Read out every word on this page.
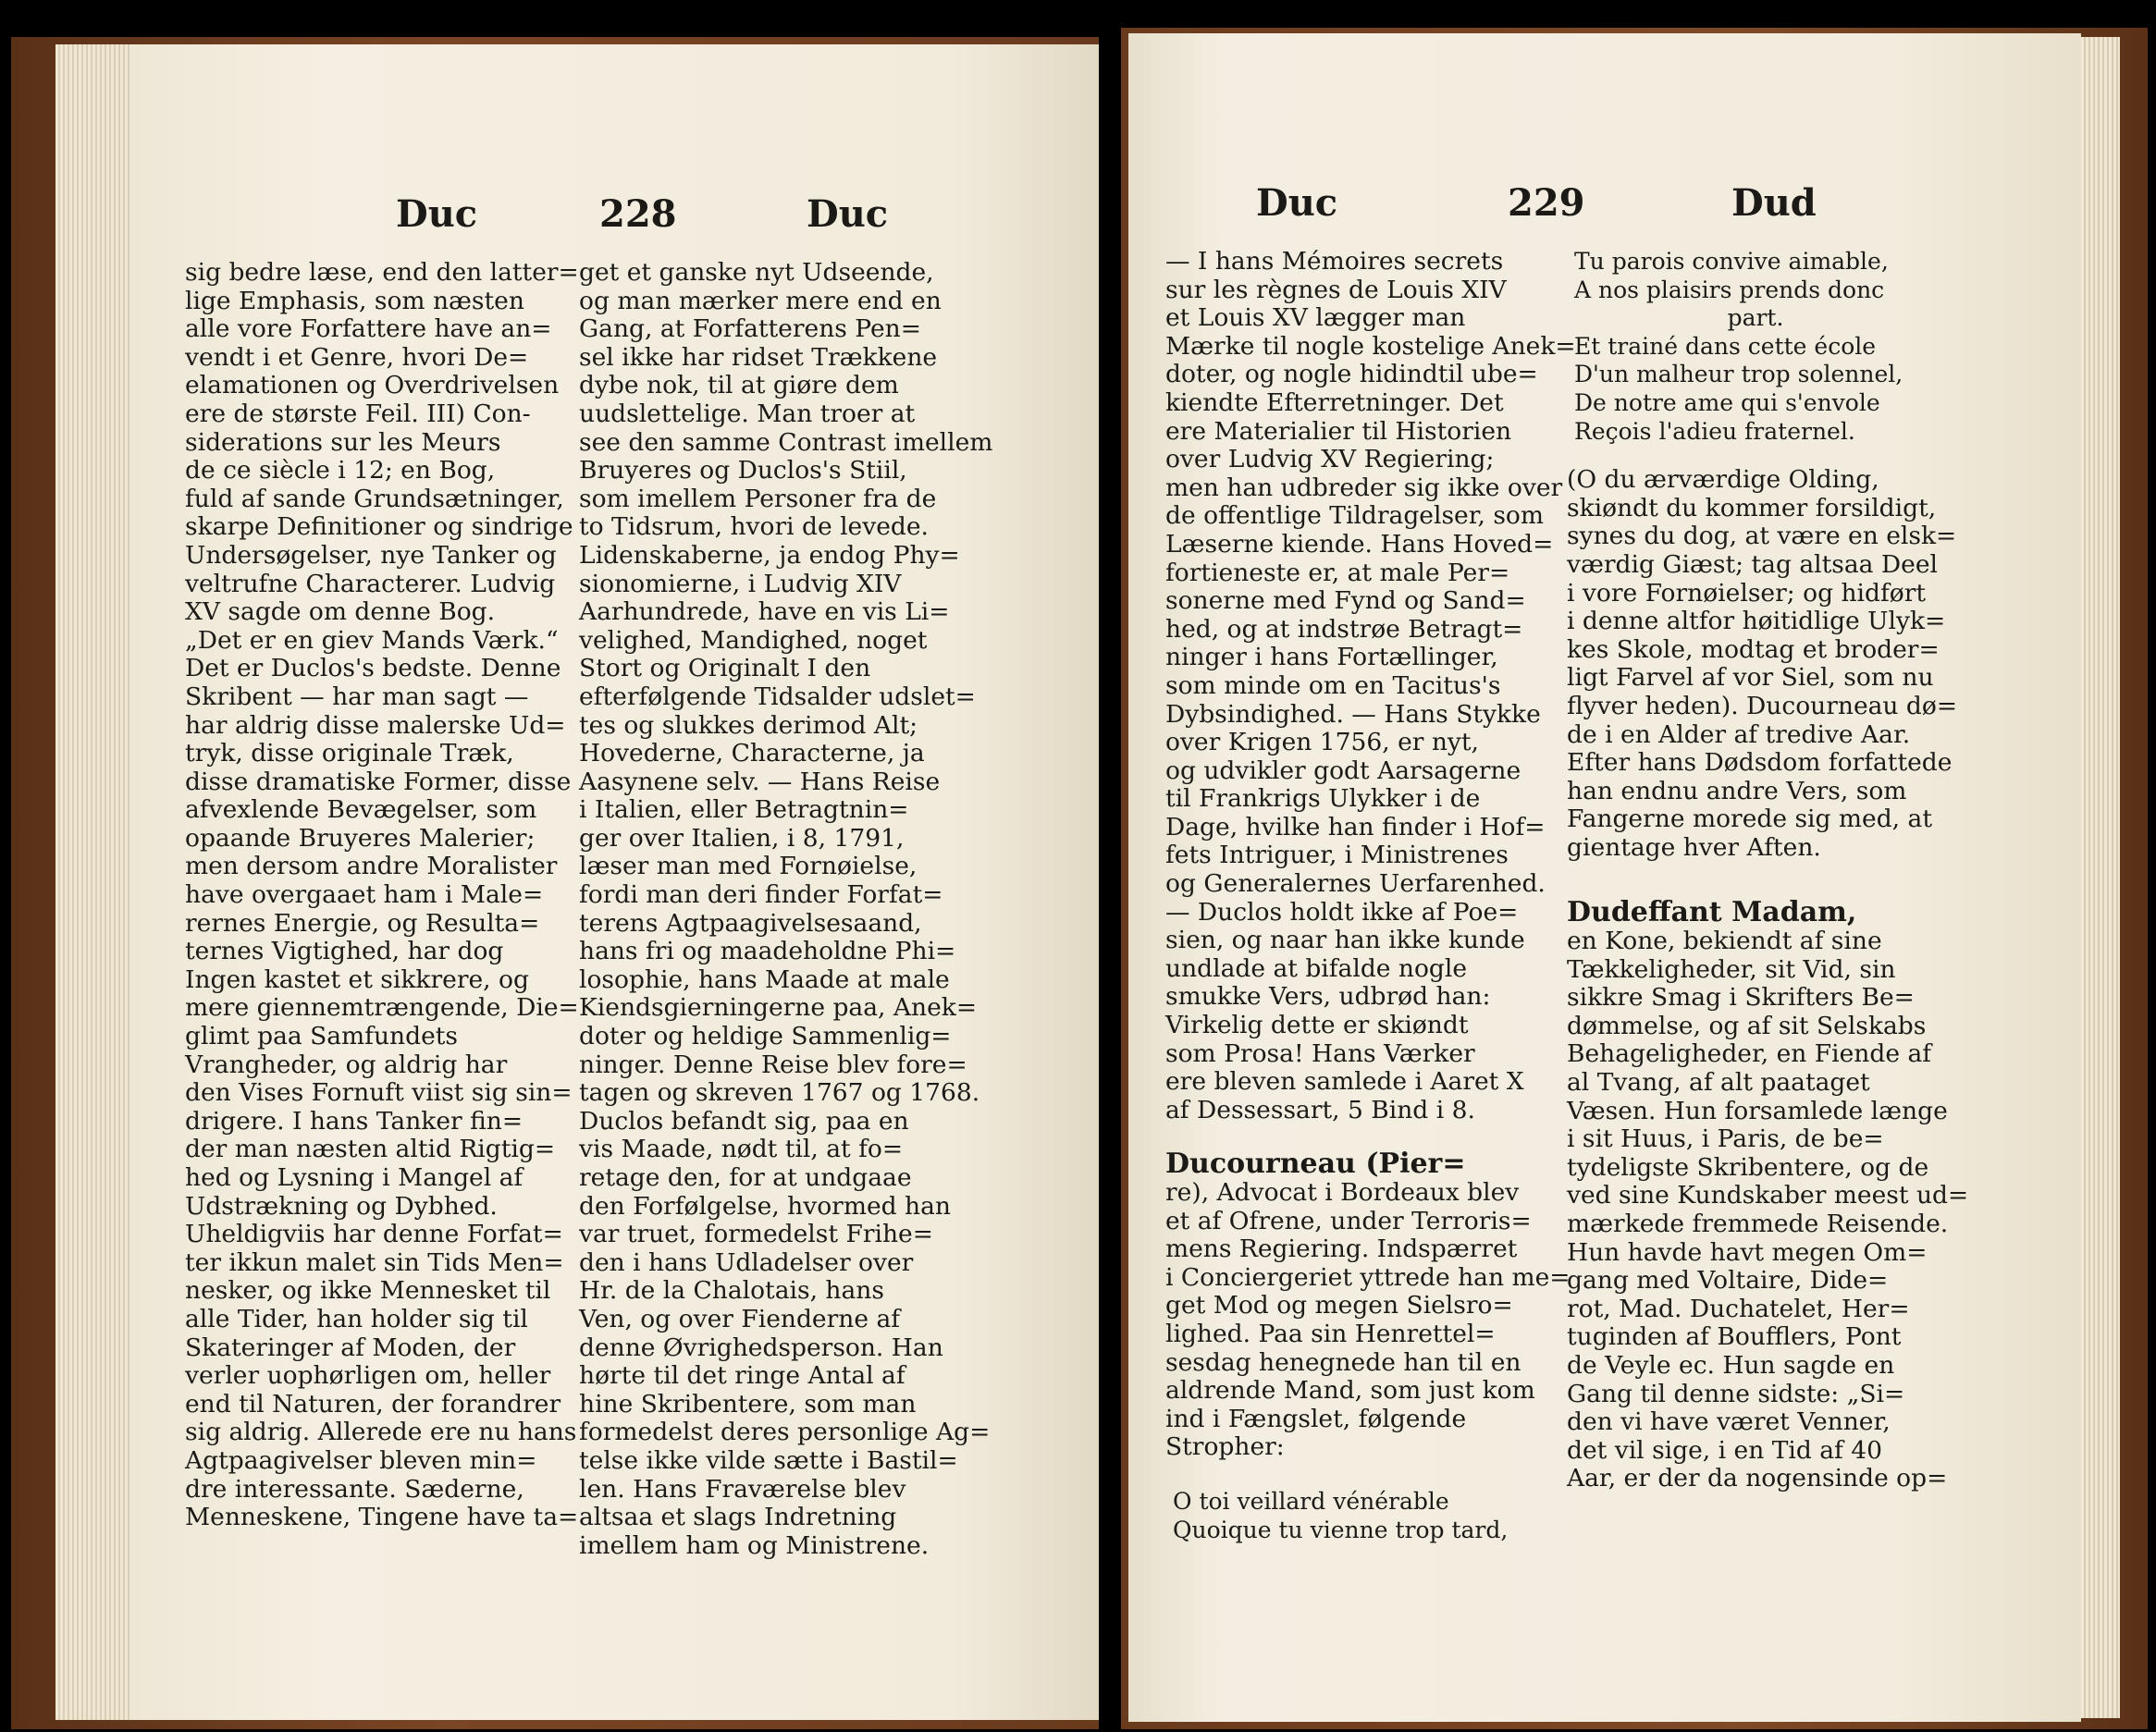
Duc	228	Duc
sig bedre læse, end den latter=
lige Emphasis, som næsten
alle vore Forfattere have an=
vendt i et Genre, hvori De=
elamationen og Overdrivelsen
ere de største Feil. III) Con-
siderations sur les Meurs
de ce siècle i 12; en Bog,
fuld af sande Grundsætninger,
skarpe Definitioner og sindrige
Undersøgelser, nye Tanker og
veltrufne Characterer. Ludvig
XV sagde om denne Bog.
„Det er en giev Mands Værk.“
Det er Duclos's bedste. Denne
Skribent — har man sagt —
har aldrig disse malerske Ud=
tryk, disse originale Træk,
disse dramatiske Former, disse
afvexlende Bevægelser, som
opaande Bruyeres Malerier;
men dersom andre Moralister
have overgaaet ham i Male=
rernes Energie, og Resulta=
ternes Vigtighed, har dog
Ingen kastet et sikkrere, og
mere giennemtrængende, Die=
glimt paa Samfundets
Vrangheder, og aldrig har
den Vises Fornuft viist sig sin=
drigere. I hans Tanker fin=
der man næsten altid Rigtig=
hed og Lysning i Mangel af
Udstrækning og Dybhed.
Uheldigviis har denne Forfat=
ter ikkun malet sin Tids Men=
nesker, og ikke Mennesket til
alle Tider, han holder sig til
Skateringer af Moden, der
verler uophørligen om, heller
end til Naturen, der forandrer
sig aldrig. Allerede ere nu hans
Agtpaagivelser bleven min=
dre interessante. Sæderne,
Menneskene, Tingene have ta=
get et ganske nyt Udseende,
og man mærker mere end en
Gang, at Forfatterens Pen=
sel ikke har ridset Trækkene
dybe nok, til at giøre dem
uudslettelige. Man troer at
see den samme Contrast imellem
Bruyeres og Duclos's Stiil,
som imellem Personer fra de
to Tidsrum, hvori de levede.
Lidenskaberne, ja endog Phy=
sionomierne, i Ludvig XIV
Aarhundrede, have en vis Li=
velighed, Mandighed, noget
Stort og Originalt I den
efterfølgende Tidsalder udslet=
tes og slukkes derimod Alt;
Hovederne, Characterne, ja
Aasynene selv. — Hans Reise
i Italien, eller Betragtnin=
ger over Italien, i 8, 1791,
læser man med Fornøielse,
fordi man deri finder Forfat=
terens Agtpaagivelsesaand,
hans fri og maadeholdne Phi=
losophie, hans Maade at male
Kiendsgierningerne paa, Anek=
doter og heldige Sammenlig=
ninger. Denne Reise blev fore=
tagen og skreven 1767 og 1768.
Duclos befandt sig, paa en
vis Maade, nødt til, at fo=
retage den, for at undgaae
den Forfølgelse, hvormed han
var truet, formedelst Frihe=
den i hans Udladelser over
Hr. de la Chalotais, hans
Ven, og over Fienderne af
denne Øvrighedsperson. Han
hørte til det ringe Antal af
hine Skribentere, som man
formedelst deres personlige Ag=
telse ikke vilde sætte i Bastil=
len. Hans Fraværelse blev
altsaa et slags Indretning
imellem ham og Ministrene.
Duc	229	Dud
— I hans Mémoires secrets
sur les règnes de Louis XIV
et Louis XV lægger man
Mærke til nogle kostelige Anek=
doter, og nogle hidindtil ube=
kiendte Efterretninger. Det
ere Materialier til Historien
over Ludvig XV Regiering;
men han udbreder sig ikke over
de offentlige Tildragelser, som
Læserne kiende. Hans Hoved=
fortieneste er, at male Per=
sonerne med Fynd og Sand=
hed, og at indstrøe Betragt=
ninger i hans Fortællinger,
som minde om en Tacitus's
Dybsindighed. — Hans Stykke
over Krigen 1756, er nyt,
og udvikler godt Aarsagerne
til Frankrigs Ulykker i de
Dage, hvilke han finder i Hof=
fets Intriguer, i Ministrenes
og Generalernes Uerfarenhed.
— Duclos holdt ikke af Poe=
sien, og naar han ikke kunde
undlade at bifalde nogle
smukke Vers, udbrød han:
Virkelig dette er skiøndt
som Prosa! Hans Værker
ere bleven samlede i Aaret X
af Dessessart, 5 Bind i 8.
Ducourneau (Pier=
re), Advocat i Bordeaux blev
et af Ofrene, under Terroris=
mens Regiering. Indspærret
i Conciergeriet yttrede han me=
get Mod og megen Sielsro=
lighed. Paa sin Henrettel=
sesdag henegnede han til en
aldrende Mand, som just kom
ind i Fængslet, følgende
Stropher:
O toi veillard vénérable
Quoique tu vienne trop tard,
Tu parois convive aimable,
A nos plaisirs prends donc
part.
Et trainé dans cette école
D'un malheur trop solennel,
De notre ame qui s'envole
Reçois l'adieu fraternel.
(O du ærværdige Olding,
skiøndt du kommer forsildigt,
synes du dog, at være en elsk=
værdig Giæst; tag altsaa Deel
i vore Fornøielser; og hidført
i denne altfor høitidlige Ulyk=
kes Skole, modtag et broder=
ligt Farvel af vor Siel, som nu
flyver heden). Ducourneau dø=
de i en Alder af tredive Aar.
Efter hans Dødsdom forfattede
han endnu andre Vers, som
Fangerne morede sig med, at
gientage hver Aften.
Dudeffant Madam,
en Kone, bekiendt af sine
Tækkeligheder, sit Vid, sin
sikkre Smag i Skrifters Be=
dømmelse, og af sit Selskabs
Behageligheder, en Fiende af
al Tvang, af alt paataget
Væsen. Hun forsamlede længe
i sit Huus, i Paris, de be=
tydeligste Skribentere, og de
ved sine Kundskaber meest ud=
mærkede fremmede Reisende.
Hun havde havt megen Om=
gang med Voltaire, Dide=
rot, Mad. Duchatelet, Her=
tuginden af Boufflers, Pont
de Veyle ec. Hun sagde en
Gang til denne sidste: „Si=
den vi have været Venner,
det vil sige, i en Tid af 40
Aar, er der da nogensinde op=
